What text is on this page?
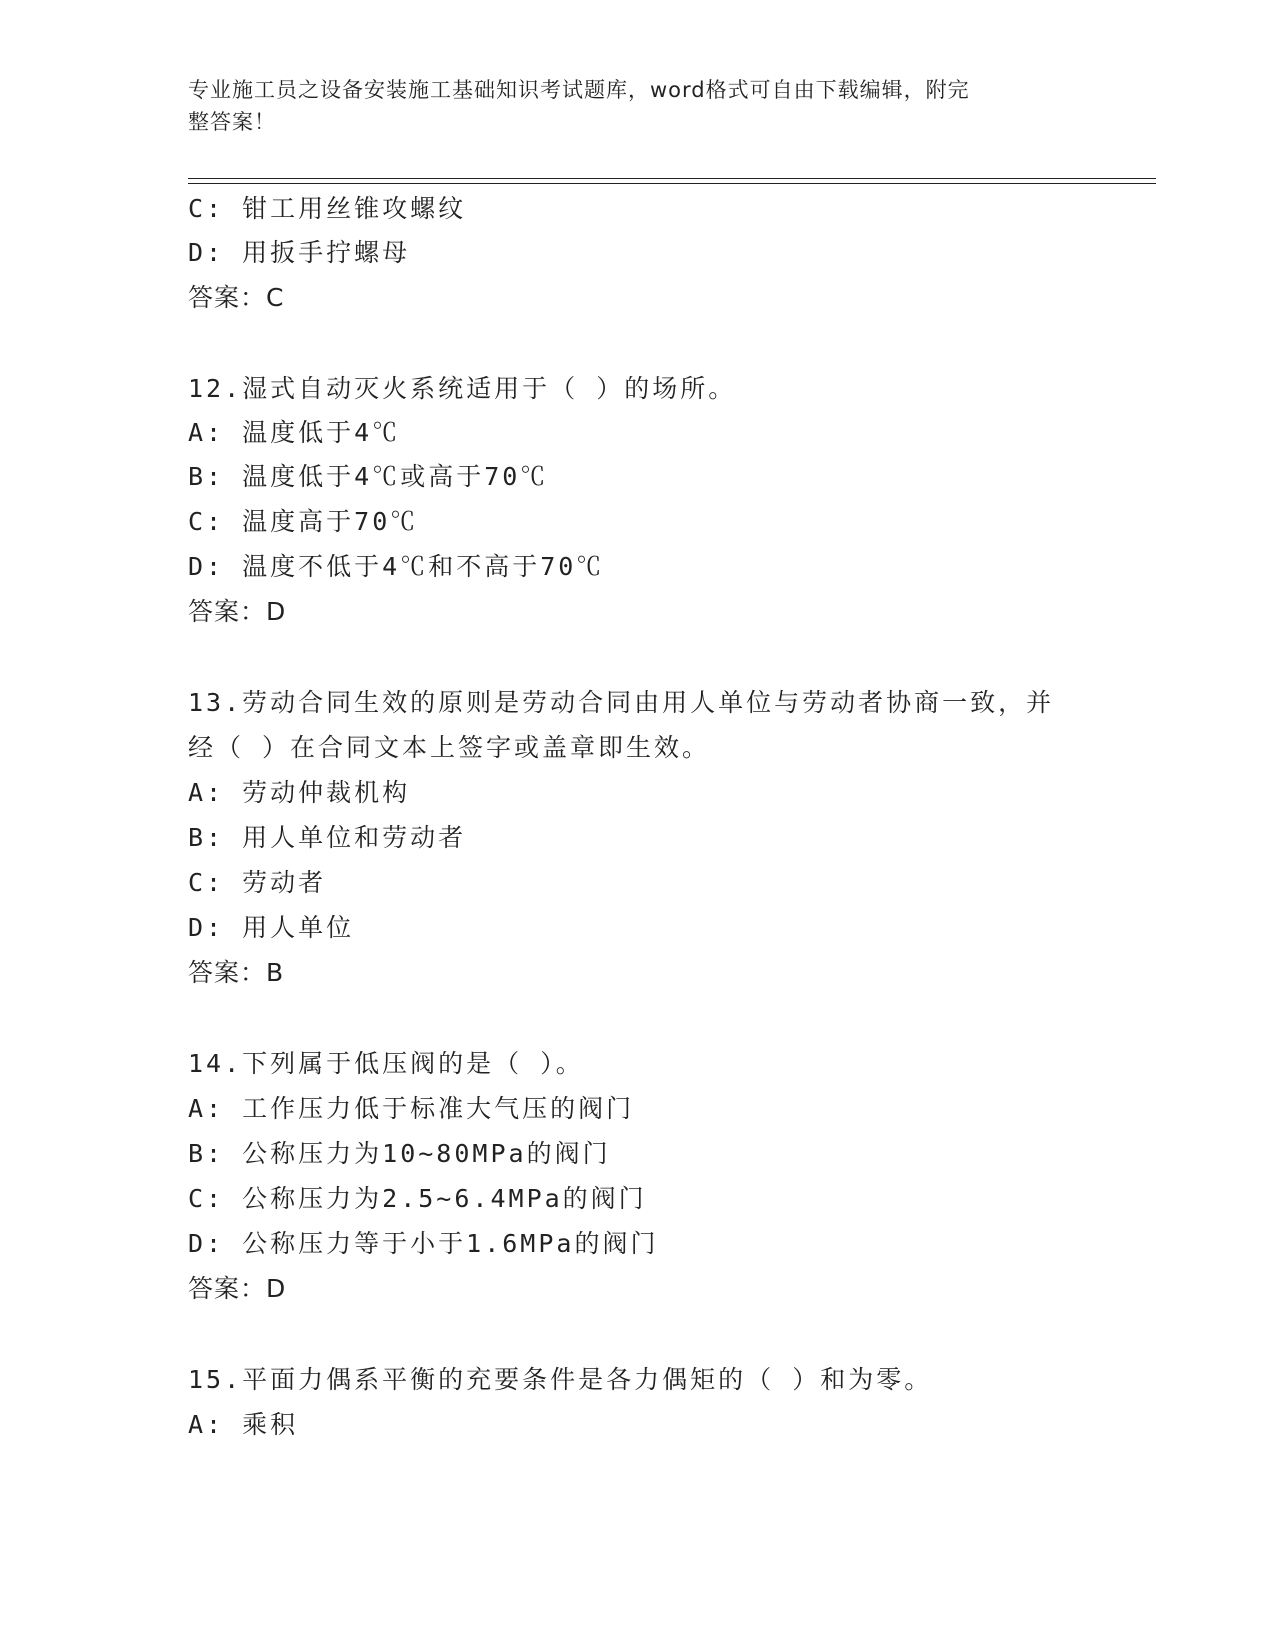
专业施工员之设备安装施工基础知识考试题库，word格式可自由下载编辑，附完
整答案！
C: 钳工用丝锥攻螺纹
D: 用扳手拧螺母
答案：C
12.湿式自动灭火系统适用于（ ）的场所。
A: 温度低于4℃
B: 温度低于4℃或高于70℃
C: 温度高于70℃
D: 温度不低于4℃和不高于70℃
答案：D
13.劳动合同生效的原则是劳动合同由用人单位与劳动者协商一致，并
经（ ）在合同文本上签字或盖章即生效。
A: 劳动仲裁机构
B: 用人单位和劳动者
C: 劳动者
D: 用人单位
答案：B
14.下列属于低压阀的是（ ）。
A: 工作压力低于标准大气压的阀门
B: 公称压力为10~80MPa的阀门
C: 公称压力为2.5~6.4MPa的阀门
D: 公称压力等于小于1.6MPa的阀门
答案：D
15.平面力偶系平衡的充要条件是各力偶矩的（ ）和为零。
A: 乘积
